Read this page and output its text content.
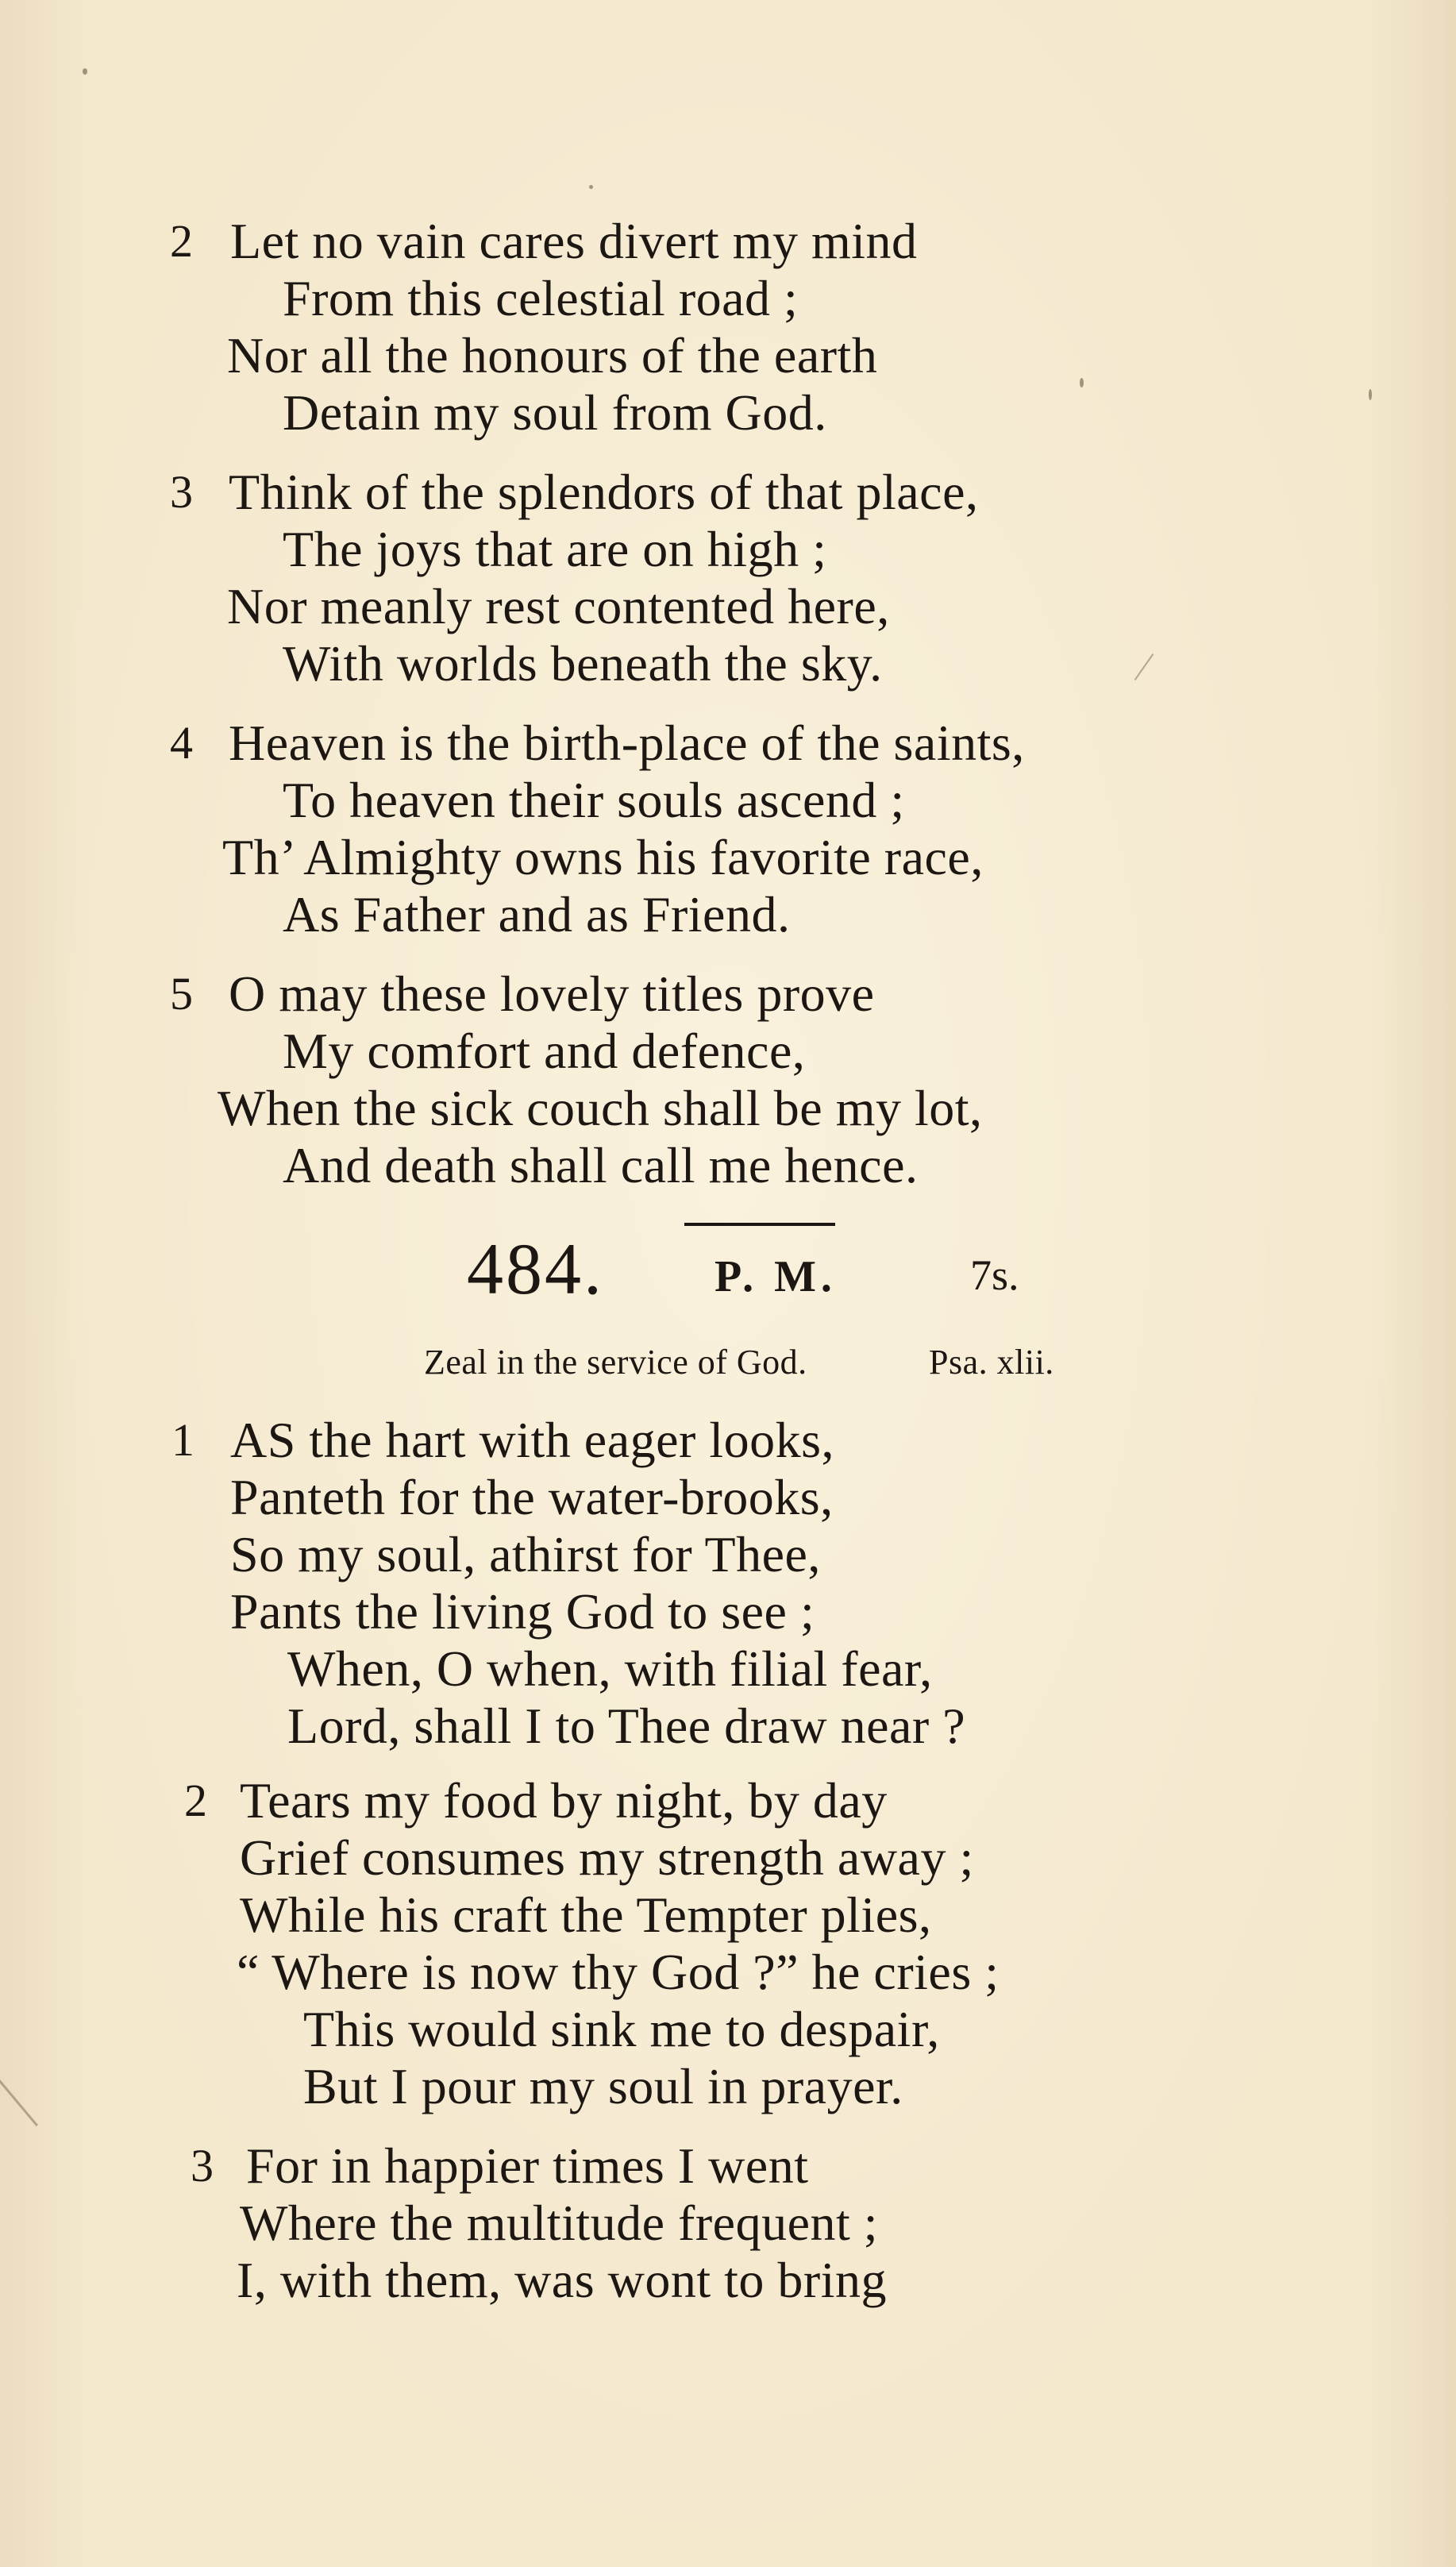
2 Let no vain cares divert my mind
From this celestial road ;
Nor all the honours of the earth
Detain my soul from God.
3 Think of the splendors of that place,
The joys that are on high ;
Nor meanly rest contented here,
With worlds beneath the sky.
4 Heaven is the birth-place of the saints,
To heaven their souls ascend ;
Th’ Almighty owns his favorite race,
As Father and as Friend.
5 O may these lovely titles prove
My comfort and defence,
When the sick couch shall be my lot,
And death shall call me hence.
484. P. M.	7s.
Zeal in the service of God.	Psa. xlii.
1 AS the hart with eager looks,
Panteth for the water-brooks,
So my soul, athirst for Thee,
Pants the living God to see ;
When, O when, with filial fear,
Lord, shall I to Thee draw near ?
2 Tears my food by night, by day
Grief consumes my strength away ;
While his craft the Tempter plies,
“ Where is now thy God ?” he cries ;
This would sink me to despair,
But I pour my soul in prayer.
3 For in happier times I went
Where the multitude frequent ;
I, with them, was wont to bring
